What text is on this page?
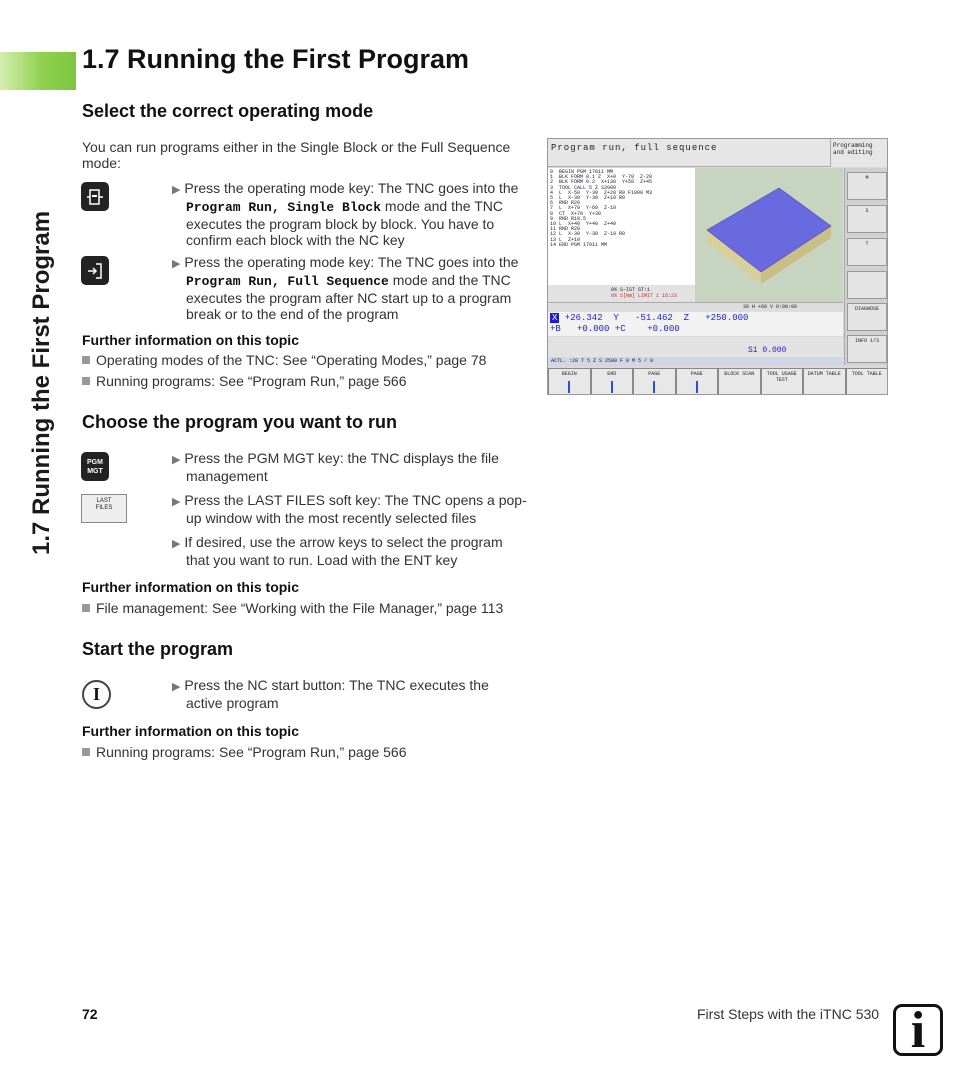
1.7 Running the First Program
1.7 Running the First Program
Select the correct operating mode
You can run programs either in the Single Block or the Full Sequence
mode:
▶ Press the operating mode key: The TNC goes into the
Program Run, Single Block mode and the TNC
executes the program block by block. You have to
confirm each block with the NC key
▶ Press the operating mode key: The TNC goes into the
Program Run, Full Sequence mode and the TNC
executes the program after NC start up to a program
break or to the end of the program
Further information on this topic
Operating modes of the TNC: See “Operating Modes,” page 78
Running programs: See “Program Run,” page 566
Program run, full sequence	Programming
and editing
0  BEGIN PGM 17011 MM
1  BLK FORM 0.1 Z  X+0  Y-70  Z-20
2  BLK FORM 0.2  X+130  Y+50  Z+45
3  TOOL CALL 5 Z S2000
4  L  X-50  Y-30  Z+20 R0 F1000 M3
5  L  X-30  Y-30  Z+10 R0
6  RND R20
7  L  X+70  Y-60  Z-10
8  CT  X+70  Y+30
9  RND R10.5
10 L  X+40  Y+40  Z+40
11 RND R20
12 L  X-30  Y-30  Z-10 R0
13 L  Z+10
14 END PGM 17011 MM
M
S
T
DIAGNOSE
INFO 1/3
0% S-IST ST:1
0% S[Nm] LIMIT 1 16:23
30 H +60 V 0:00:00
X +26.342  Y   -51.462  Z   +250.000
+B   +0.000 +C    +0.000
S1 0.000
ACTL. :20 T 5 Z S 2500 F 0 M 5 / 9
BEGIN	END	PAGE	PAGE	BLOCK SCAN	TOOL USAGE TEST
DATUM TABLE	TOOL TABLE
Choose the program you want to run
PGM
MGT
▶ Press the PGM MGT key: the TNC displays the file
management
LAST
FILES	▶ Press the LAST FILES soft key: The TNC opens a pop-
up window with the most recently selected files
▶ If desired, use the arrow keys to select the program
that you want to run. Load with the ENT key
Further information on this topic
File management: See “Working with the File Manager,” page 113
Start the program
I	▶ Press the NC start button: The TNC executes the
active program
Further information on this topic
Running programs: See “Program Run,” page 566
72	First Steps with the iTNC 530 i
